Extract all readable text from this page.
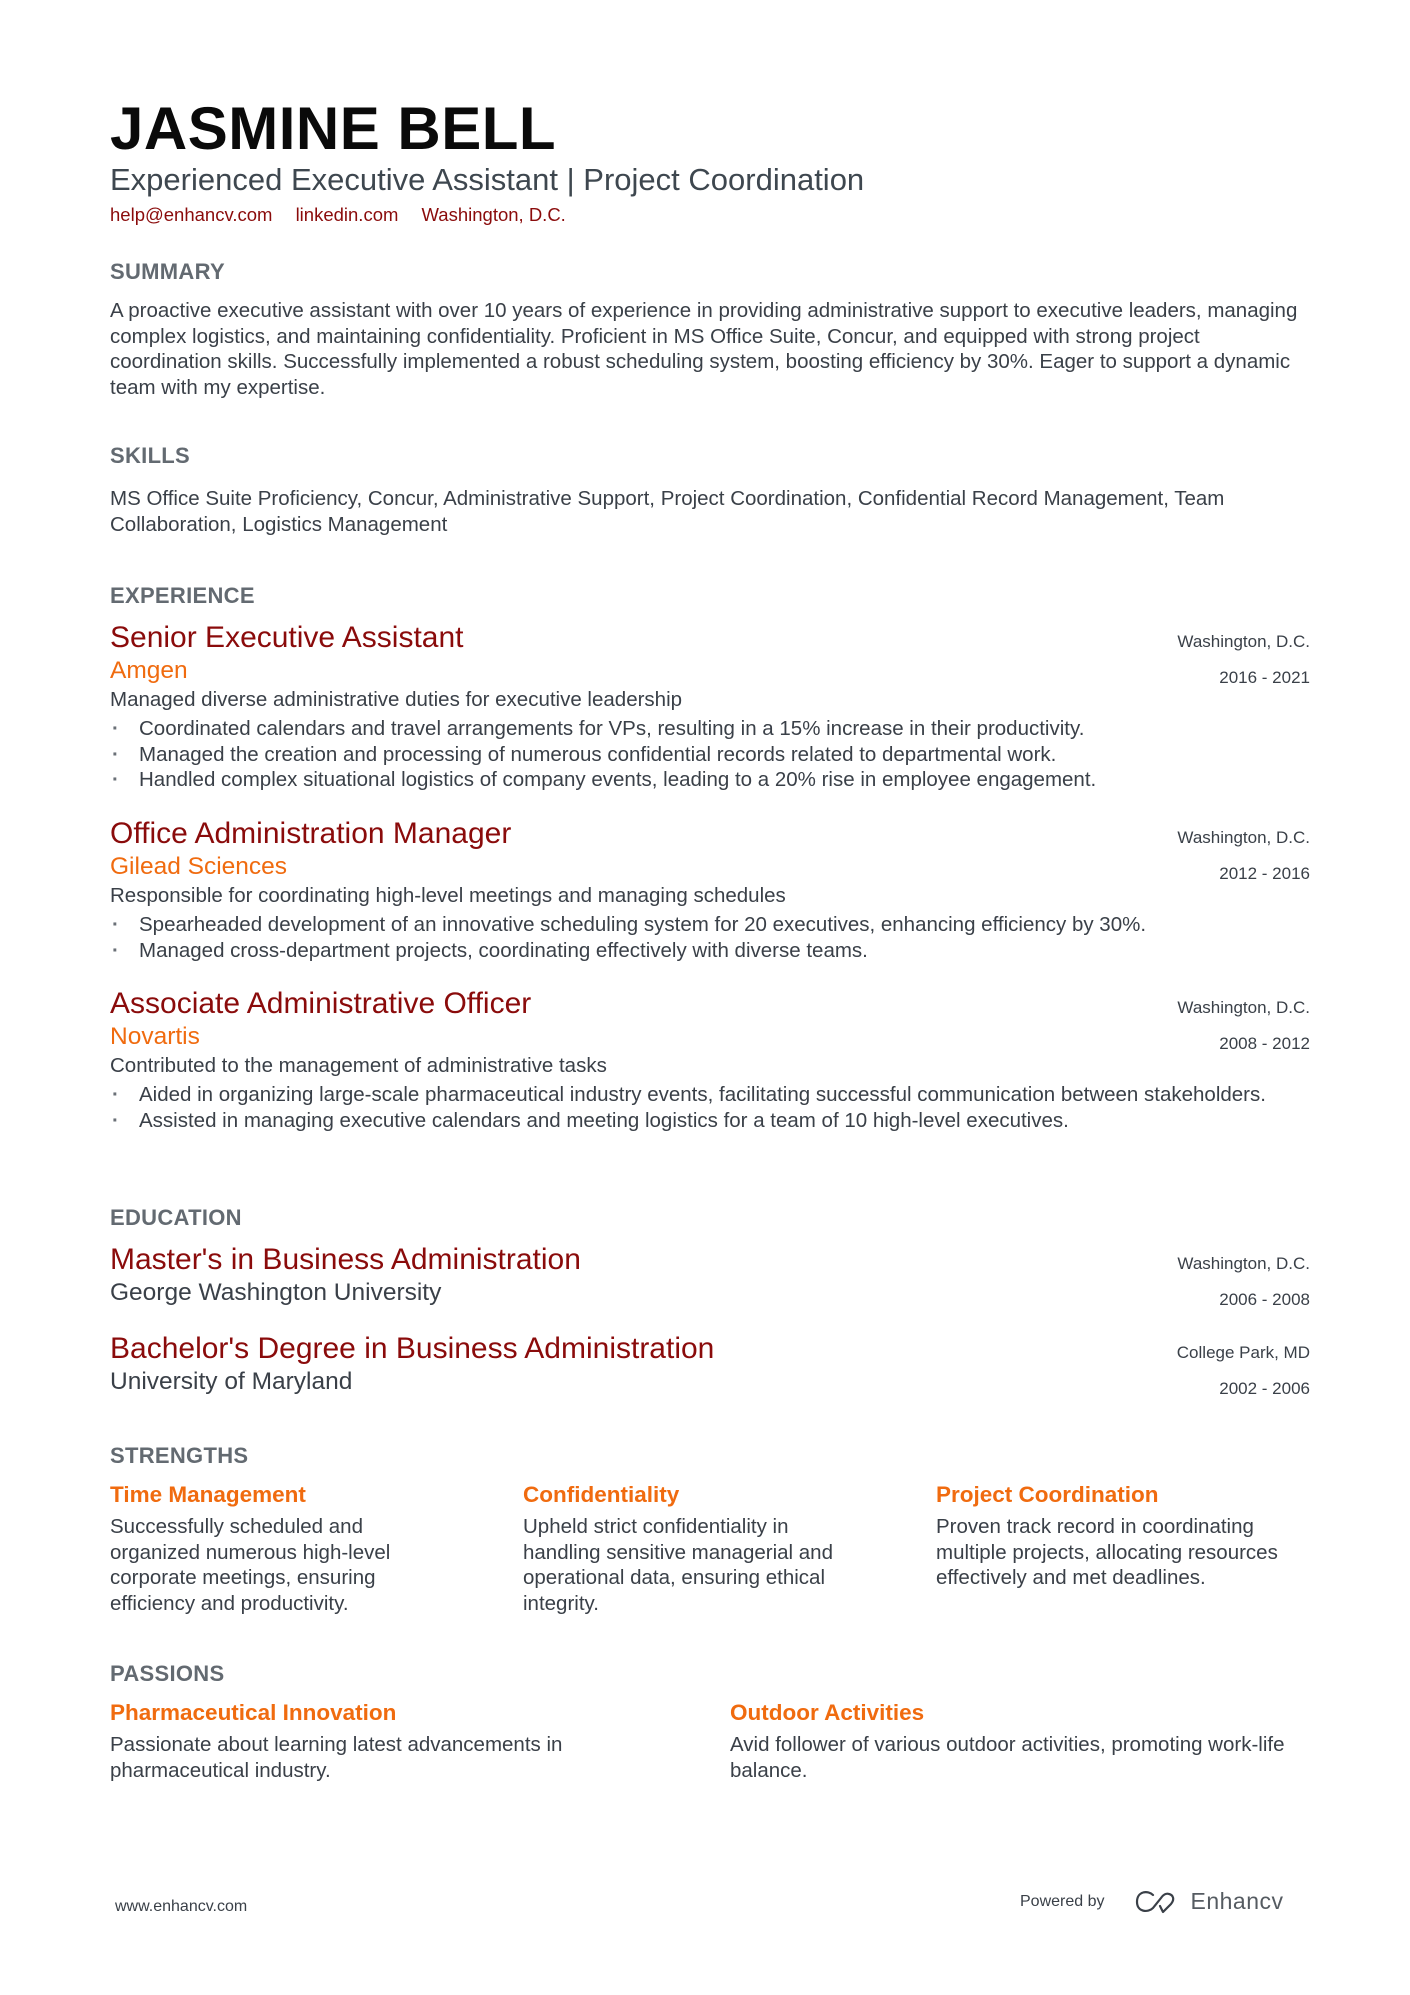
JASMINE BELL
Experienced Executive Assistant | Project Coordination
help@enhancv.com linkedin.com Washington, D.C.
SUMMARY
A proactive executive assistant with over 10 years of experience in providing administrative support to executive leaders, managing complex logistics, and maintaining confidentiality. Proficient in MS Office Suite, Concur, and equipped with strong project coordination skills. Successfully implemented a robust scheduling system, boosting efficiency by 30%. Eager to support a dynamic team with my expertise.
SKILLS
MS Office Suite Proficiency, Concur, Administrative Support, Project Coordination, Confidential Record Management, Team Collaboration, Logistics Management
EXPERIENCE
Senior Executive Assistant
Amgen
Managed diverse administrative duties for executive leadership
· Coordinated calendars and travel arrangements for VPs, resulting in a 15% increase in their productivity.
· Managed the creation and processing of numerous confidential records related to departmental work.
· Handled complex situational logistics of company events, leading to a 20% rise in employee engagement.
Washington, D.C.
2016 - 2021
Office Administration Manager
Gilead Sciences
Responsible for coordinating high-level meetings and managing schedules
· Spearheaded development of an innovative scheduling system for 20 executives, enhancing efficiency by 30%.
· Managed cross-department projects, coordinating effectively with diverse teams.
Washington, D.C.
2012 - 2016
Associate Administrative Officer
Novartis
Contributed to the management of administrative tasks
· Aided in organizing large-scale pharmaceutical industry events, facilitating successful communication between stakeholders.
· Assisted in managing executive calendars and meeting logistics for a team of 10 high-level executives.
Washington, D.C.
2008 - 2012
EDUCATION
Master's in Business Administration
George Washington University
Washington, D.C.
2006 - 2008
Bachelor's Degree in Business Administration
University of Maryland
College Park, MD
2002 - 2006
STRENGTHS
Time Management
Successfully scheduled and organized numerous high-level corporate meetings, ensuring efficiency and productivity.
Confidentiality
Upheld strict confidentiality in handling sensitive managerial and operational data, ensuring ethical integrity.
Project Coordination
Proven track record in coordinating multiple projects, allocating resources effectively and met deadlines.
PASSIONS
Pharmaceutical Innovation
Passionate about learning latest advancements in pharmaceutical industry.
Outdoor Activities
Avid follower of various outdoor activities, promoting work-life balance.
www.enhancv.com	Powered by	Enhancv
